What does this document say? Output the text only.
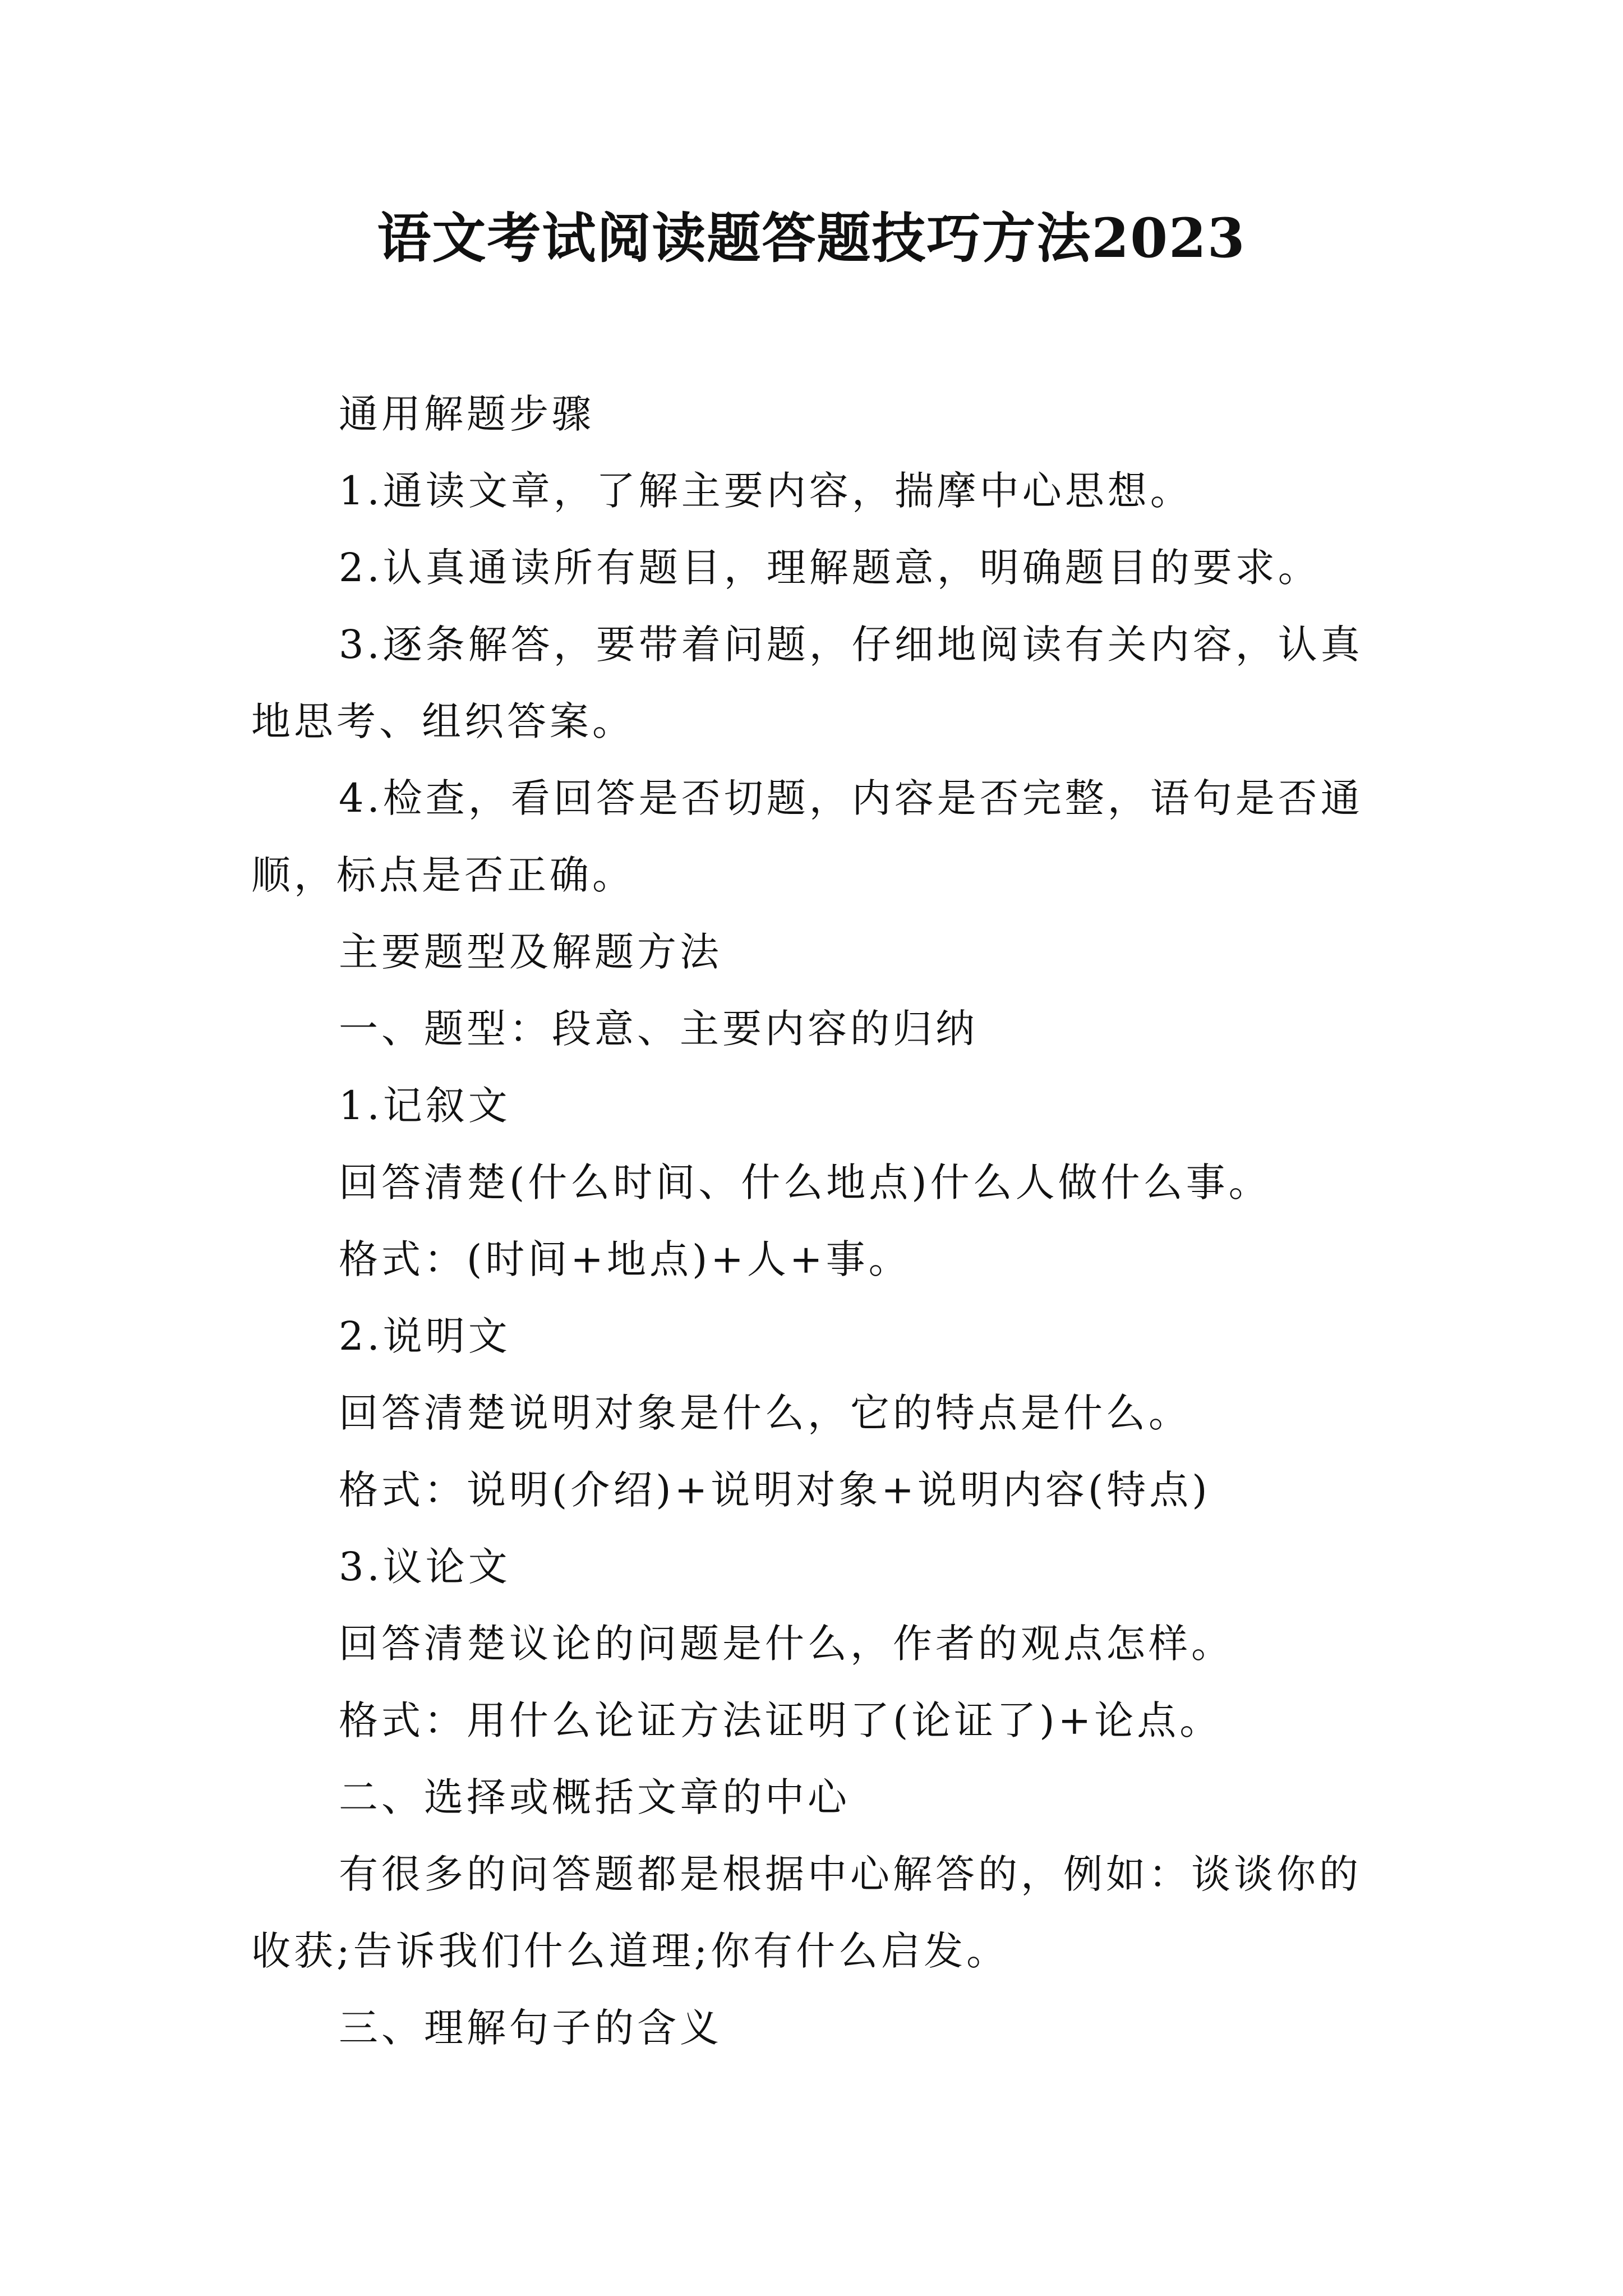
语文考试阅读题答题技巧方法2023

通用解题步骤

1.通读文章，了解主要内容，揣摩中心思想。

2.认真通读所有题目，理解题意，明确题目的要求。

3.逐条解答，要带着问题，仔细地阅读有关内容，认真地思考、组织答案。

4.检查，看回答是否切题，内容是否完整，语句是否通顺，标点是否正确。

主要题型及解题方法

一、题型：段意、主要内容的归纳

1.记叙文

回答清楚(什么时间、什么地点)什么人做什么事。

格式：(时间+地点)+人+事。

2.说明文

回答清楚说明对象是什么，它的特点是什么。

格式：说明(介绍)+说明对象+说明内容(特点)

3.议论文

回答清楚议论的问题是什么，作者的观点怎样。

格式：用什么论证方法证明了(论证了)+论点。

二、选择或概括文章的中心

有很多的问答题都是根据中心解答的，例如：谈谈你的收获;告诉我们什么道理;你有什么启发。

三、理解句子的含义
